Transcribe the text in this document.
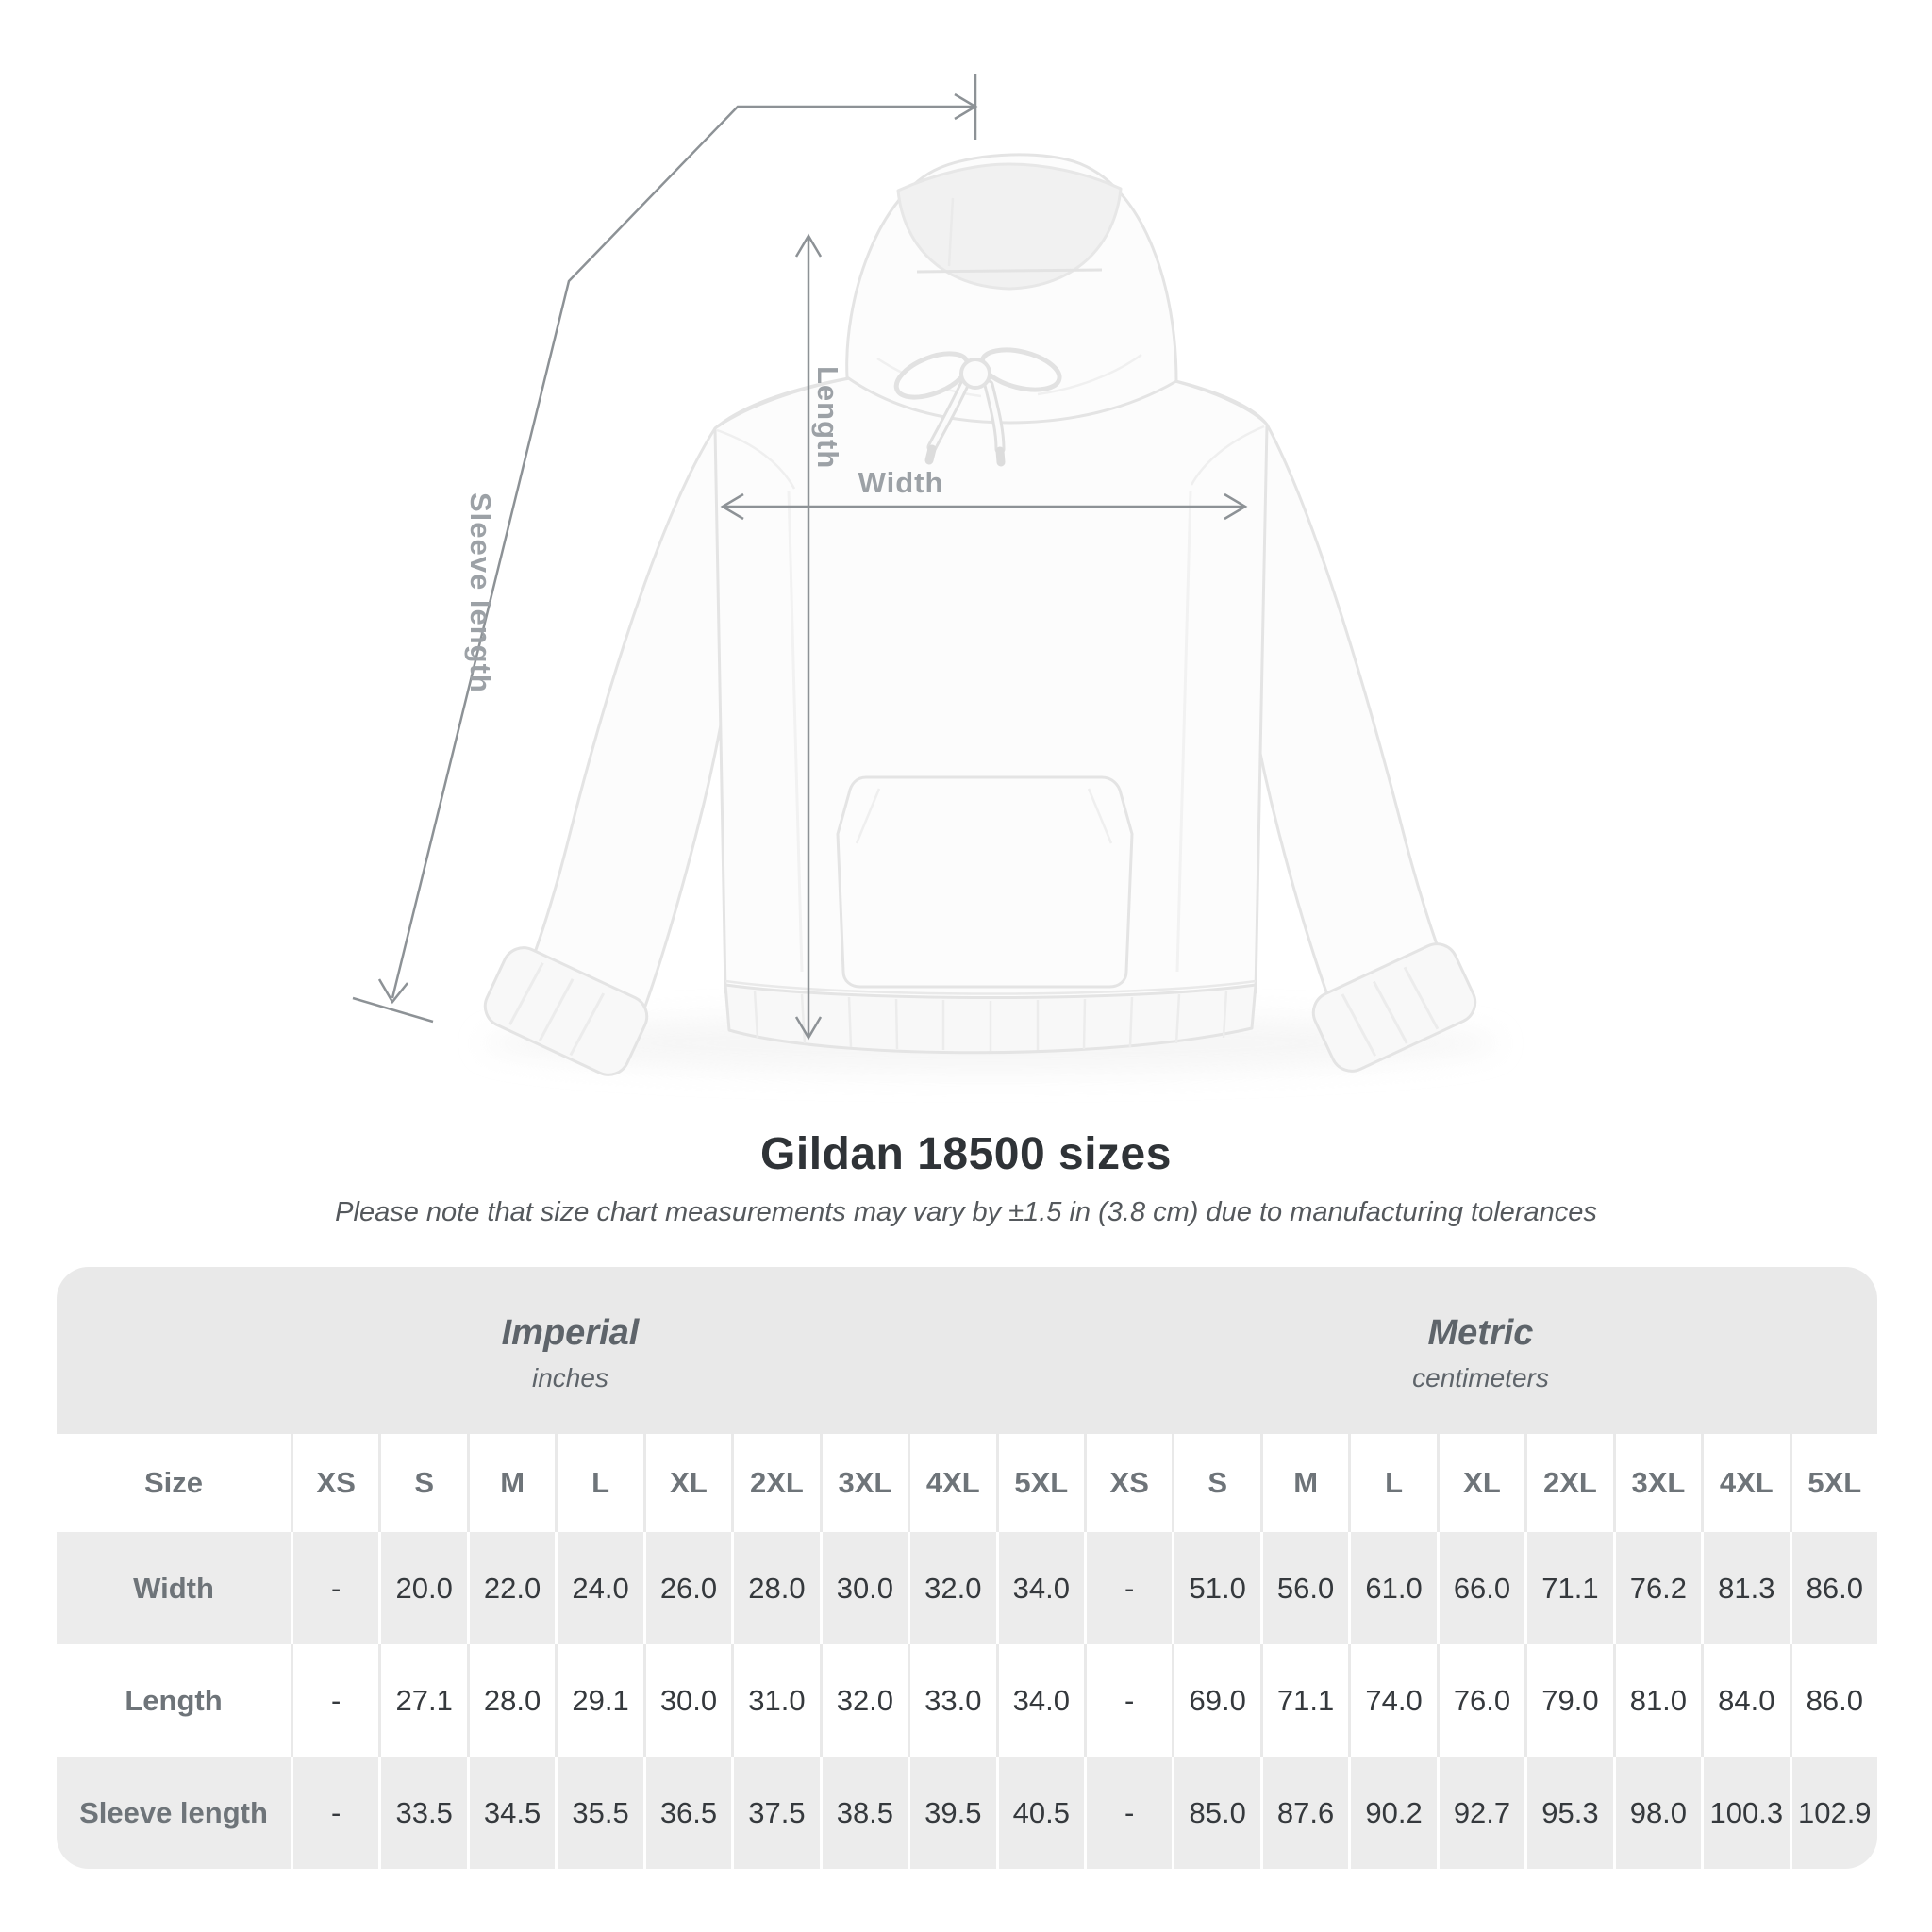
Length
Width
Sleeve length
Gildan 18500 sizes

Please note that size chart measurements may vary by ±1.5 in (3.8 cm) due to manufacturing tolerances

Imperial
inches
Metric
centimeters
Size	XS	S	M	L	XL	2XL	3XL	4XL	5XL	XS	S	M	L	XL	2XL	3XL	4XL	5XL
Width	-	20.0	22.0	24.0	26.0	28.0	30.0	32.0	34.0	-	51.0	56.0	61.0	66.0	71.1	76.2	81.3	86.0
Length	-	27.1	28.0	29.1	30.0	31.0	32.0	33.0	34.0	-	69.0	71.1	74.0	76.0	79.0	81.0	84.0	86.0
Sleeve length	-	33.5	34.5	35.5	36.5	37.5	38.5	39.5	40.5	-	85.0	87.6	90.2	92.7	95.3	98.0 100.3 102.9
